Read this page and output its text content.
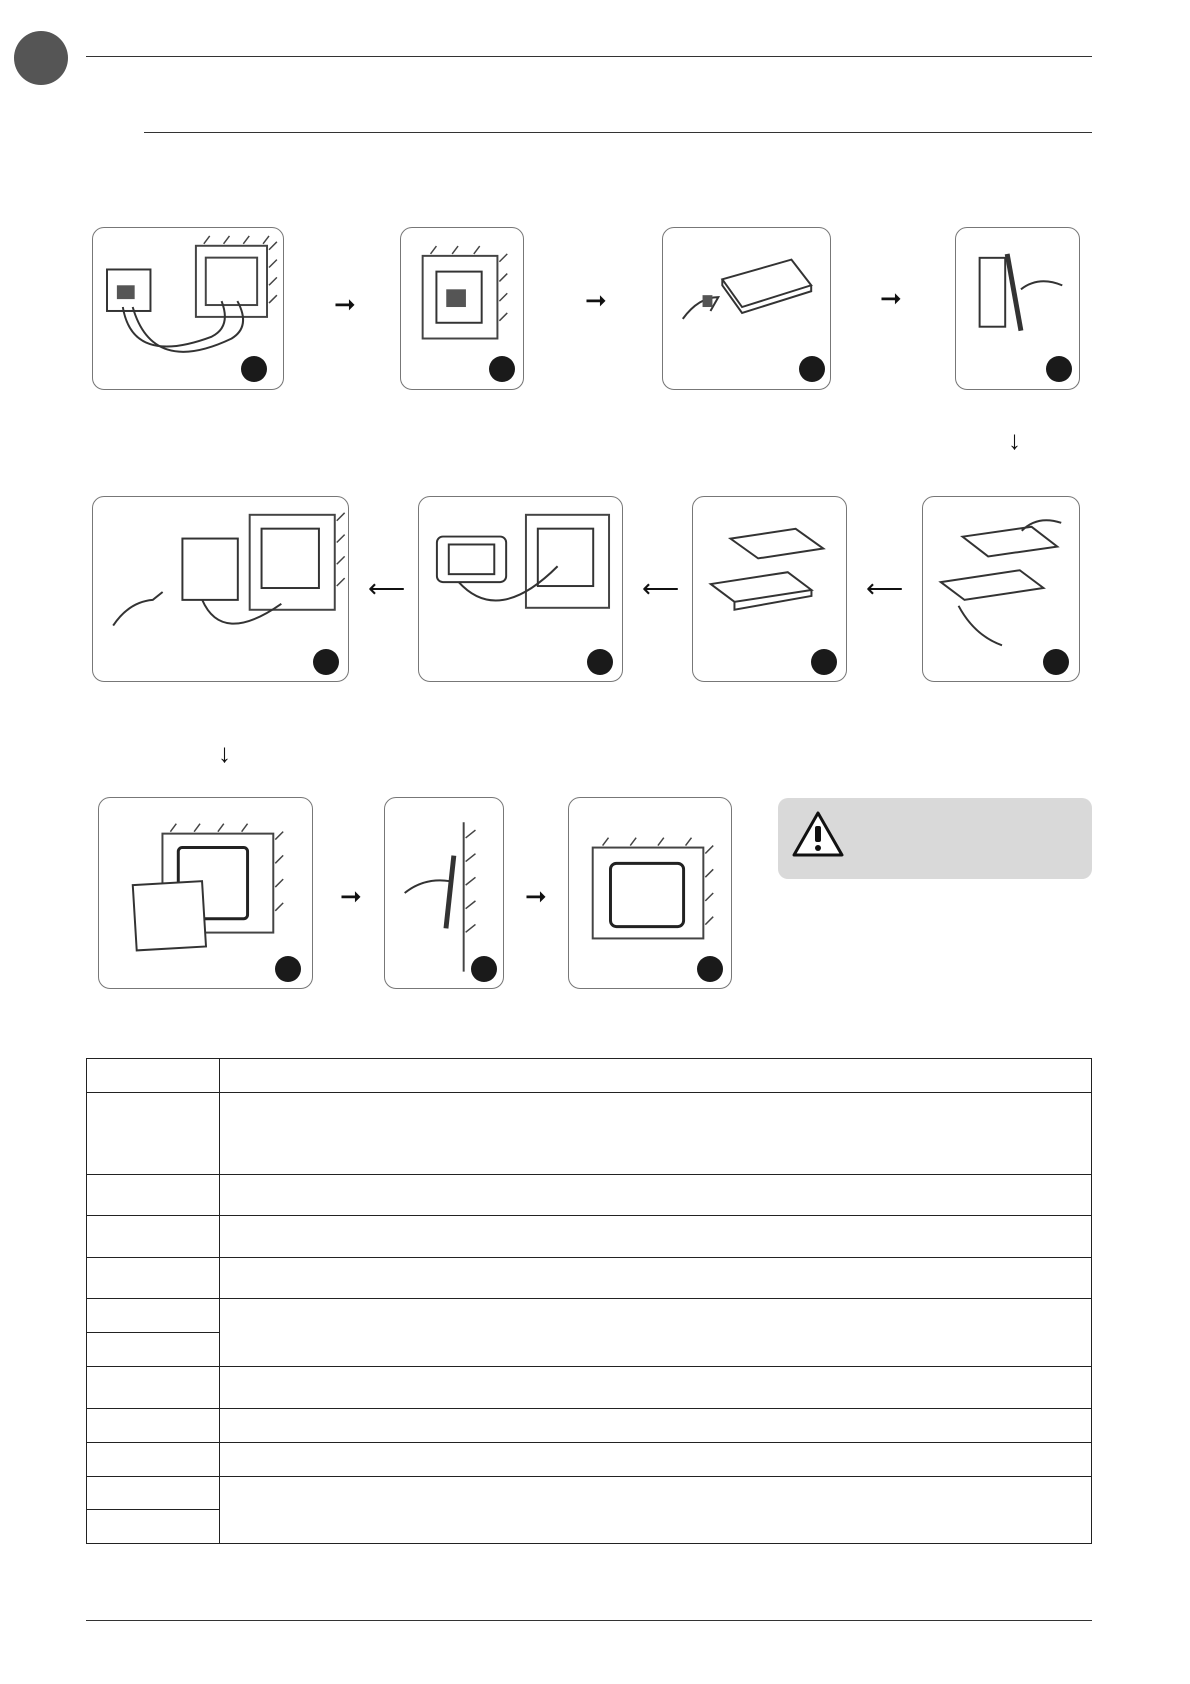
➞	➞	➞
↓
⟵	⟵	⟵
↓
➞	➞
